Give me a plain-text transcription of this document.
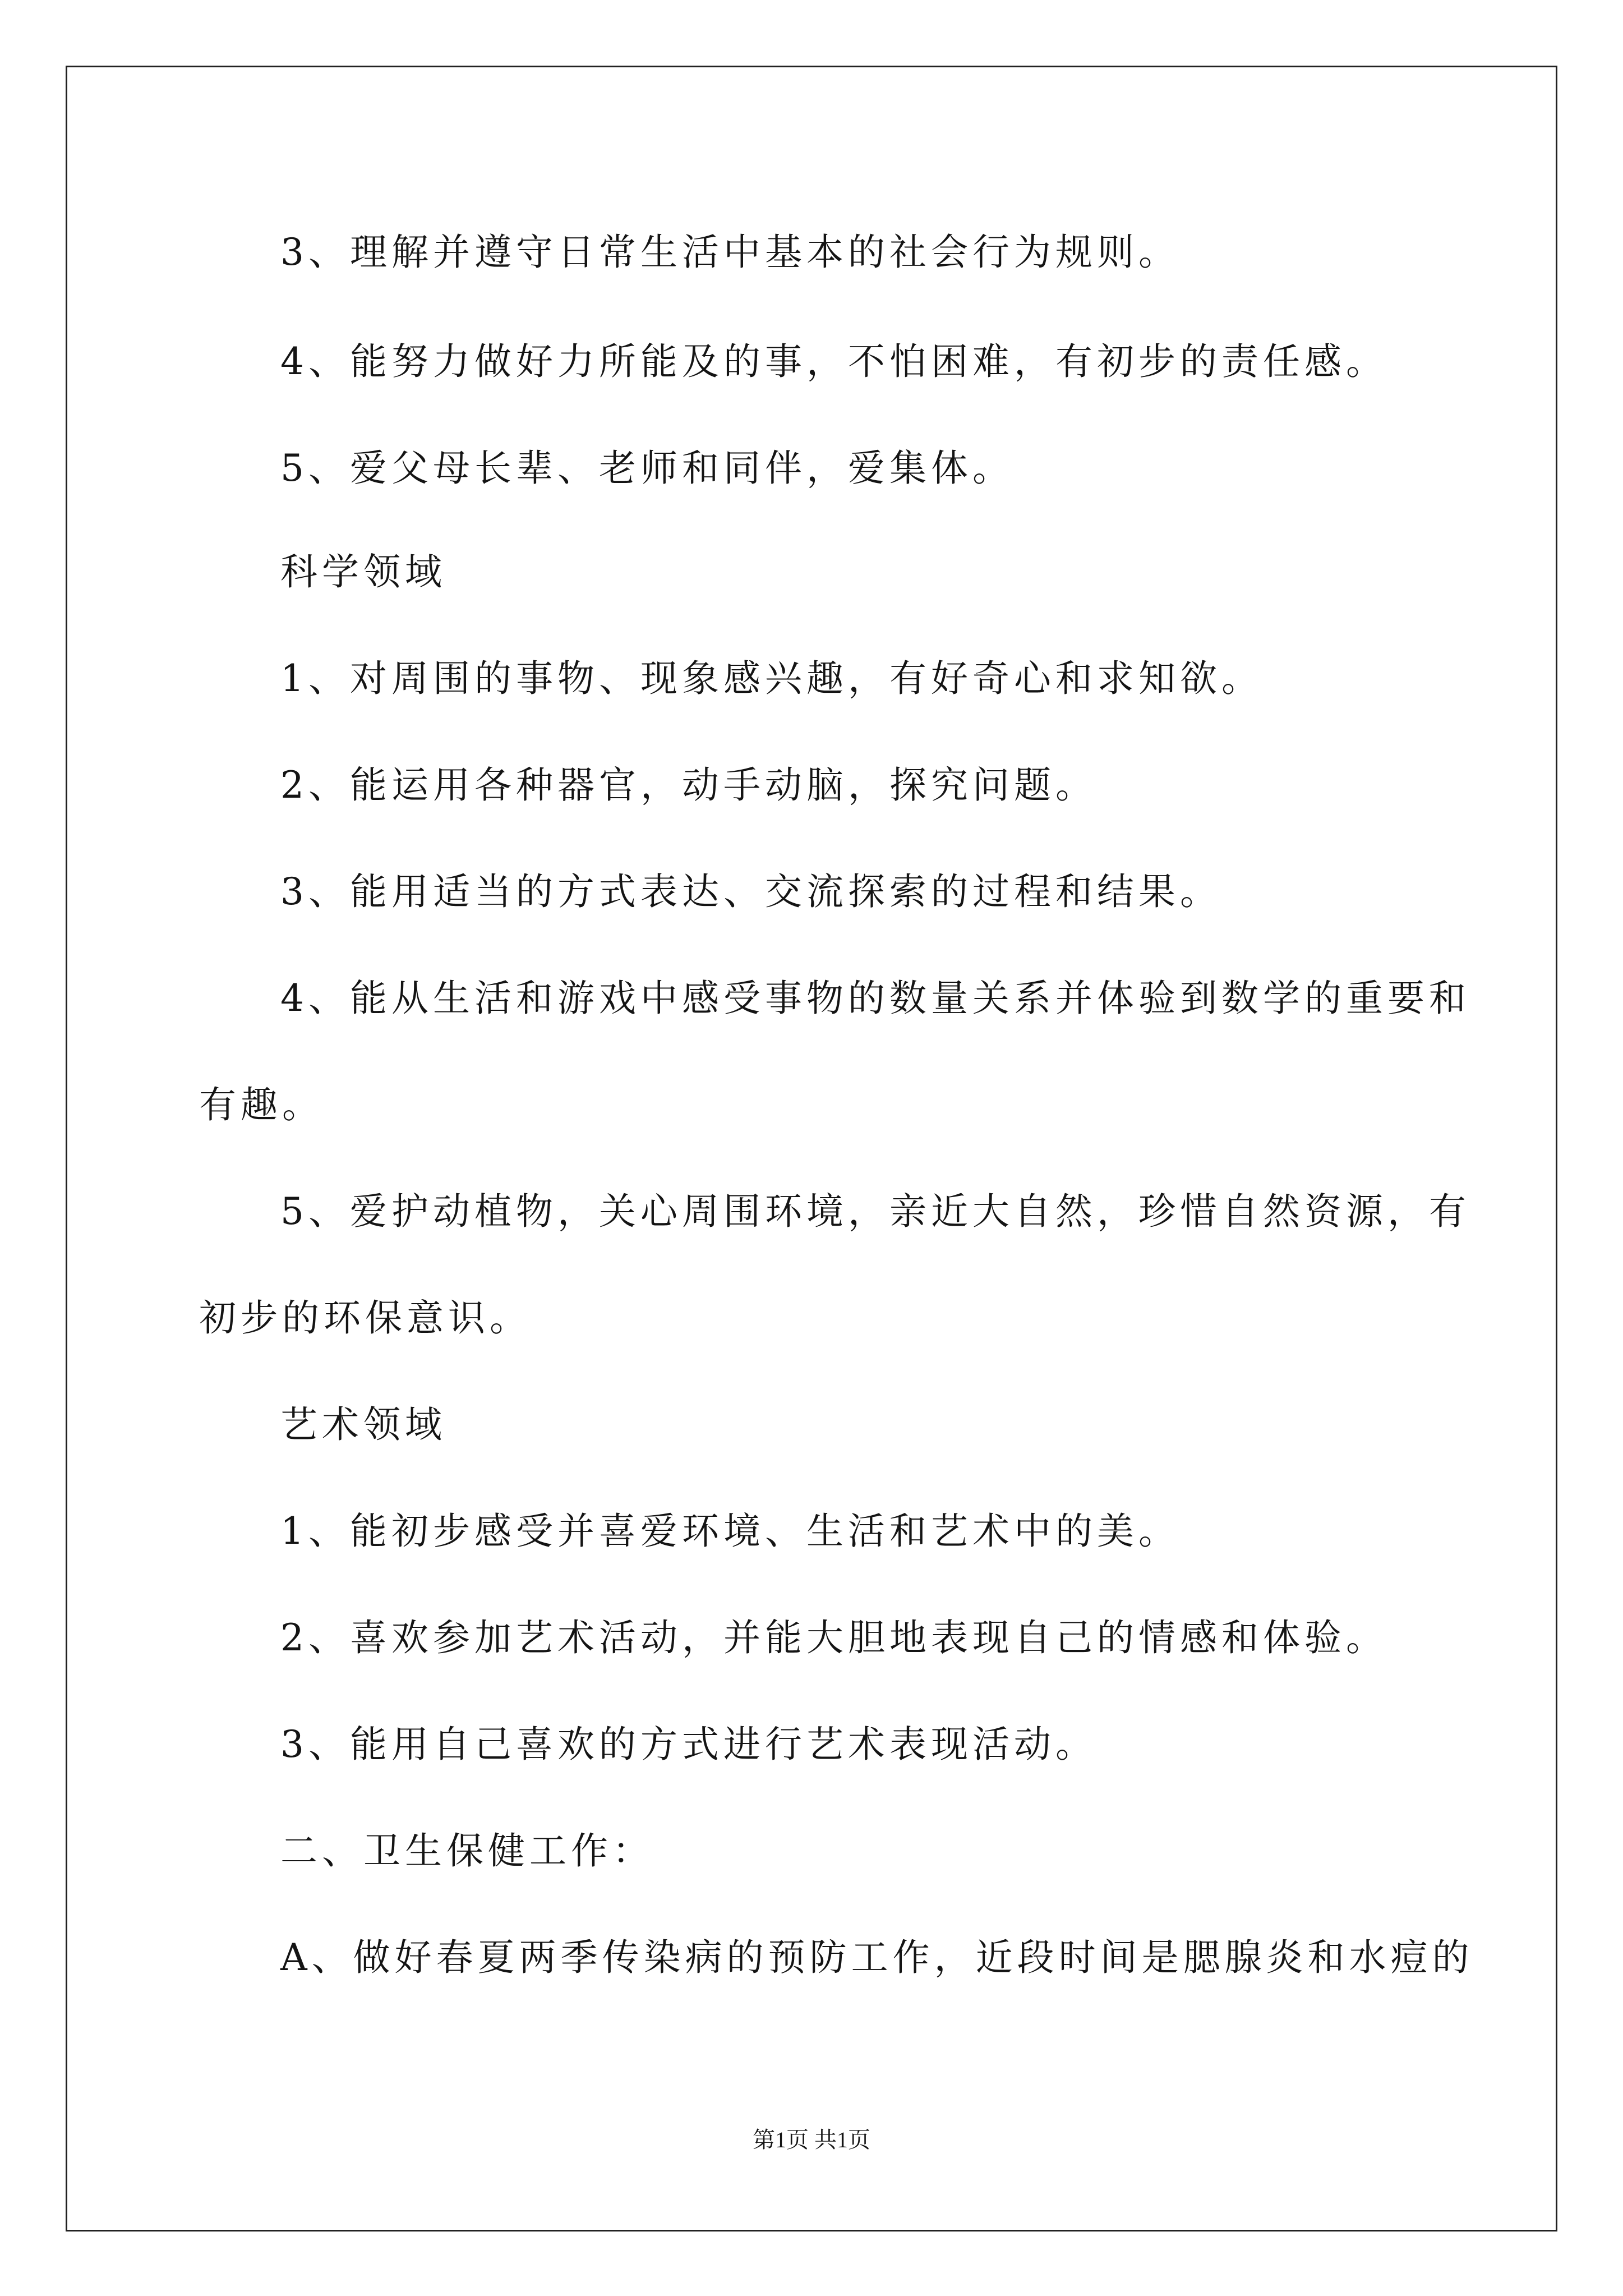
3、理解并遵守日常生活中基本的社会行为规则。
4、能努力做好力所能及的事，不怕困难，有初步的责任感。
5、爱父母长辈、老师和同伴，爱集体。
科学领域
1、对周围的事物、现象感兴趣，有好奇心和求知欲。
2、能运用各种器官，动手动脑，探究问题。
3、能用适当的方式表达、交流探索的过程和结果。
4、能从生活和游戏中感受事物的数量关系并体验到数学的重要和
有趣。
5、爱护动植物，关心周围环境，亲近大自然，珍惜自然资源，有
初步的环保意识。
艺术领域
1、能初步感受并喜爱环境、生活和艺术中的美。
2、喜欢参加艺术活动，并能大胆地表现自己的情感和体验。
3、能用自己喜欢的方式进行艺术表现活动。
二、卫生保健工作：
A、做好春夏两季传染病的预防工作，近段时间是腮腺炎和水痘的
第1页 共1页
